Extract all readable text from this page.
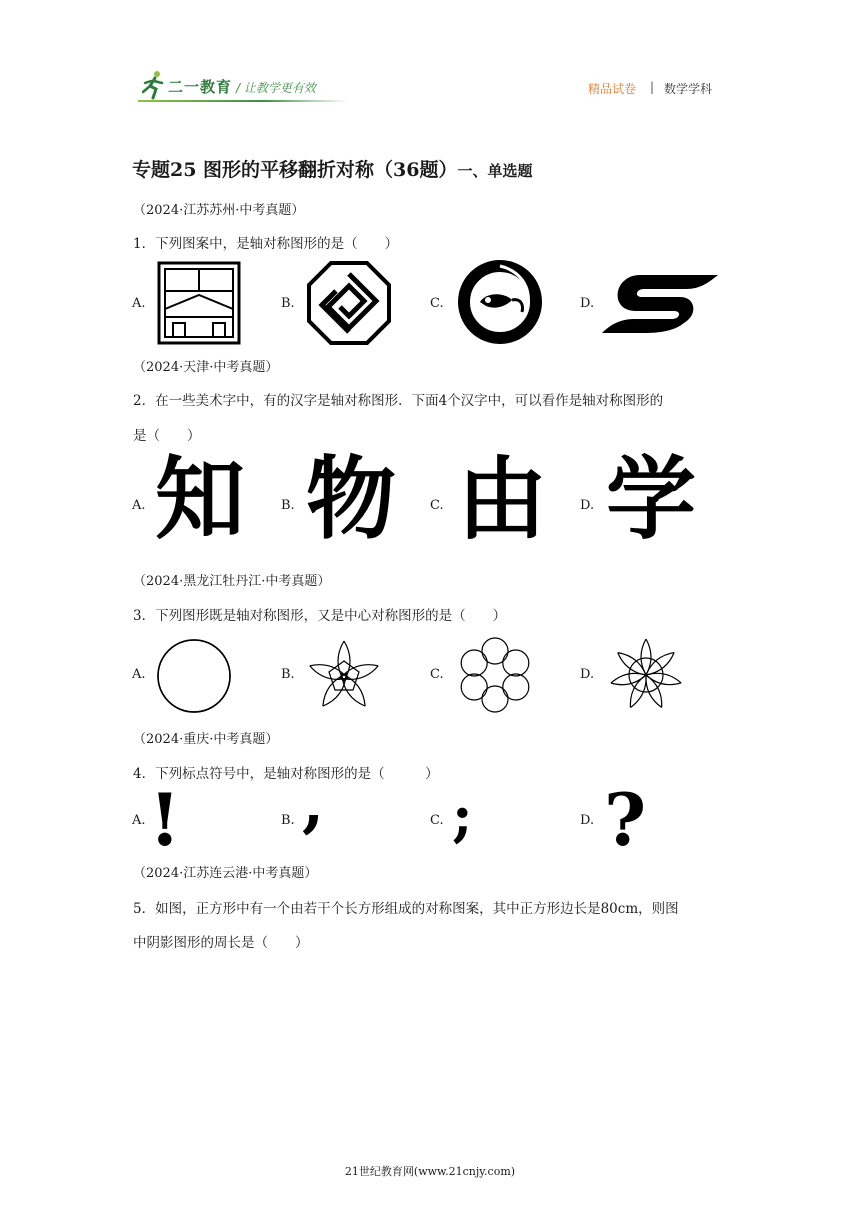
二一教育 / 让教学更有效	精品试卷 | 数学学科
专题25 图形的平移翻折对称（36题）一、单选题
（2024·江苏苏州·中考真题）
1．下列图案中，是轴对称图形的是（　　）
A.	B.	C.	D.
（2024·天津·中考真题）
2．在一些美术字中，有的汉字是轴对称图形．下面4个汉字中，可以看作是轴对称图形的
是（　　）
A.	B.	C.	D.
知 物 由 学
（2024·黑龙江牡丹江·中考真题）
3．下列图形既是轴对称图形，又是中心对称图形的是（　　）
A.	B.	C.	D.
（2024·重庆·中考真题）
4．下列标点符号中，是轴对称图形的是（　　　）
A.	B.	C.	D.
! , ; ?
（2024·江苏连云港·中考真题）
5．如图，正方形中有一个由若干个长方形组成的对称图案，其中正方形边长是80cm，则图
中阴影图形的周长是（　　）
21世纪教育网(www.21cnjy.com)
